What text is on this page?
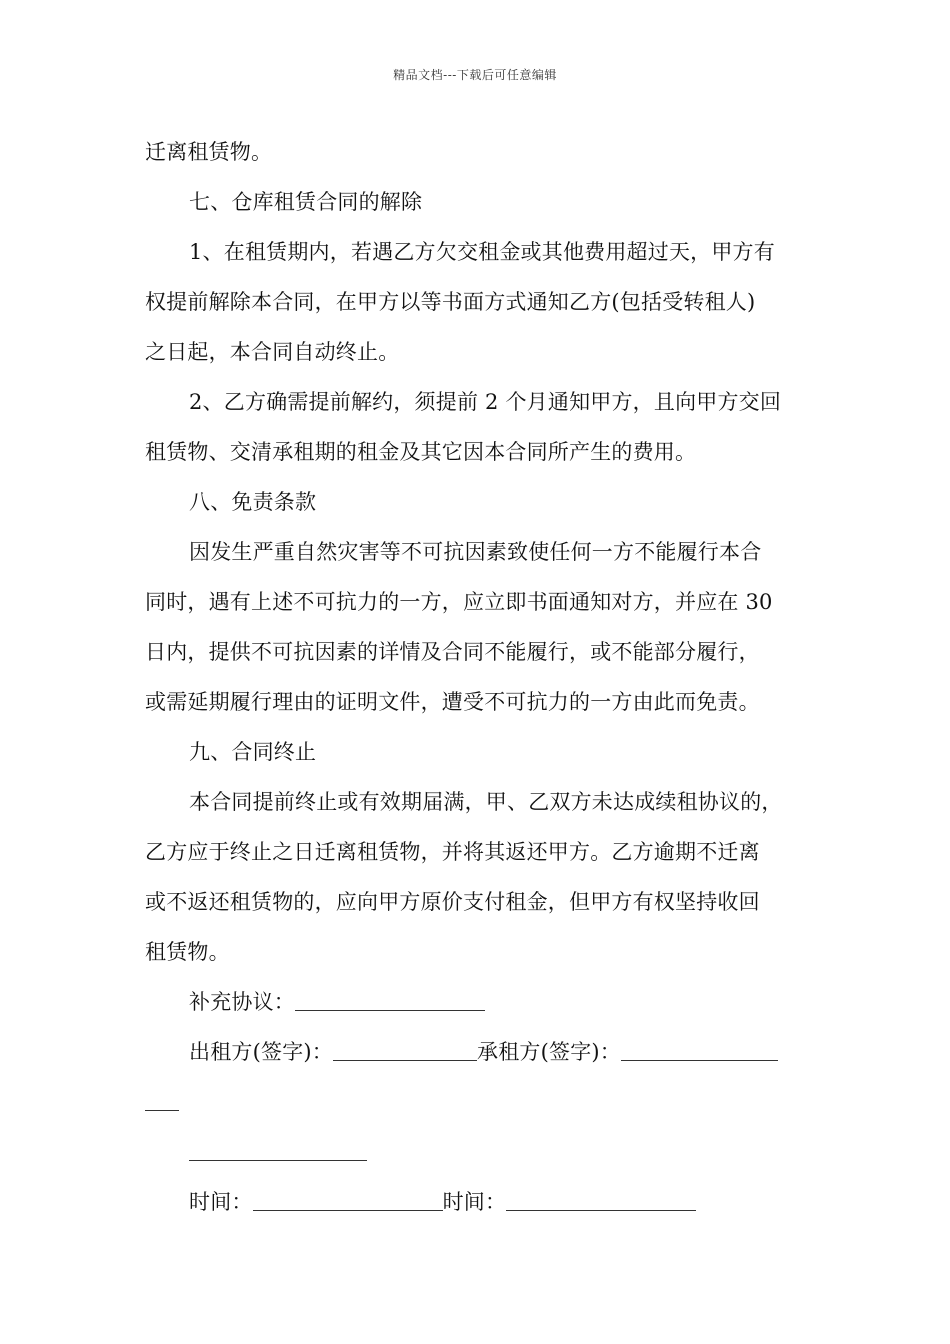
精品文档---下载后可任意编辑
迁离租赁物。
七、仓库租赁合同的解除
1、在租赁期内，若遇乙方欠交租金或其他费用超过天，甲方有
权提前解除本合同，在甲方以等书面方式通知乙方(包括受转租人)
之日起，本合同自动终止。
2、乙方确需提前解约，须提前 2 个月通知甲方，且向甲方交回
租赁物、交清承租期的租金及其它因本合同所产生的费用。
八、免责条款
因发生严重自然灾害等不可抗因素致使任何一方不能履行本合
同时，遇有上述不可抗力的一方，应立即书面通知对方，并应在 30
日内，提供不可抗因素的详情及合同不能履行，或不能部分履行，
或需延期履行理由的证明文件，遭受不可抗力的一方由此而免责。
九、合同终止
本合同提前终止或有效期届满，甲、乙双方未达成续租协议的，
乙方应于终止之日迁离租赁物，并将其返还甲方。乙方逾期不迁离
或不返还租赁物的，应向甲方原价支付租金，但甲方有权坚持收回
租赁物。
补充协议：
出租方(签字)：	承租方(签字)：
时间：	时间：
